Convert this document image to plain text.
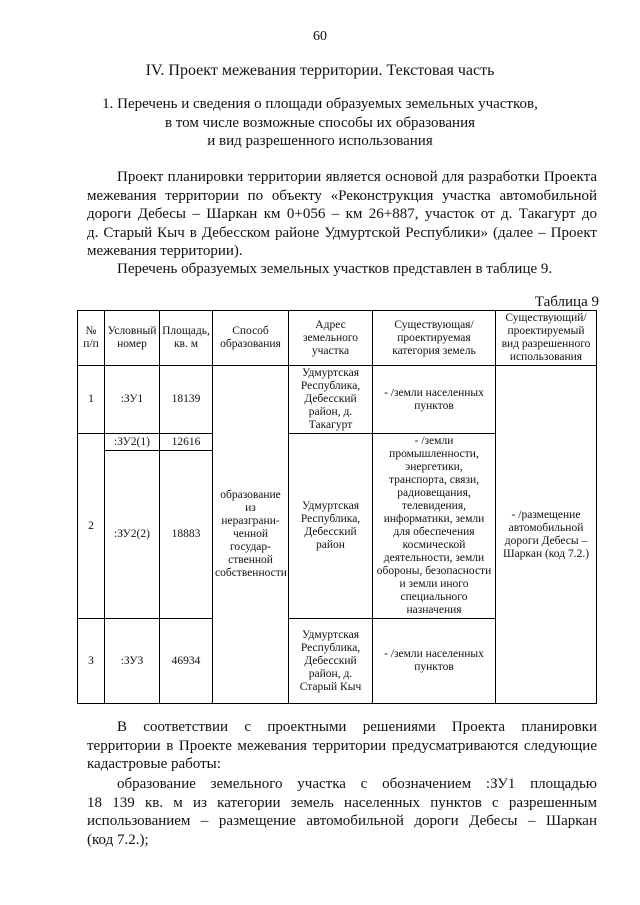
60
IV. Проект межевания территории. Текстовая часть
1. Перечень и сведения о площади образуемых земельных участков,
в том числе возможные способы их образования
и вид разрешенного использования
Проект планировки территории является основой для разработки Проекта
межевания территории по объекту «Реконструкция участка автомобильной
дороги Дебесы – Шаркан км 0+056 – км 26+887, участок от д. Такагурт до
д. Старый Кыч в Дебесском районе Удмуртской Республики» (далее – Проект
межевания территории).
Перечень образуемых земельных участков представлен в таблице 9.
Таблица 9
№ п/п	Условный номер	Площадь, кв. м	Способ образования	Адрес земельного участка	Существующая/ проектируемая категория земель	Существующий/ проектируемый вид разрешенного использования
1	:ЗУ1	18139	образование из неразграни-ченной государ-ственной собственности	Удмуртская Республика, Дебесский район, д. Такагурт	- /земли населенных пунктов	- /размещение автомобильной дороги Дебесы – Шаркан (код 7.2.)
2	:ЗУ2(1)	12616		Удмуртская Республика, Дебесский район	- /земли промышленности, энергетики, транспорта, связи, радиовещания, телевидения, информатики, земли для обеспечения космической деятельности, земли обороны, безопасности и земли иного специального назначения	
	:ЗУ2(2)	18883				
3	:ЗУ3	46934		Удмуртская Республика, Дебесский район, д. Старый Кыч	- /земли населенных пунктов	
В соответствии с проектными решениями Проекта планировки
территории в Проекте межевания территории предусматриваются следующие
кадастровые работы:
образование земельного участка с обозначением :ЗУ1 площадью
18 139 кв. м из категории земель населенных пунктов с разрешенным
использованием – размещение автомобильной дороги Дебесы – Шаркан
(код 7.2.);
